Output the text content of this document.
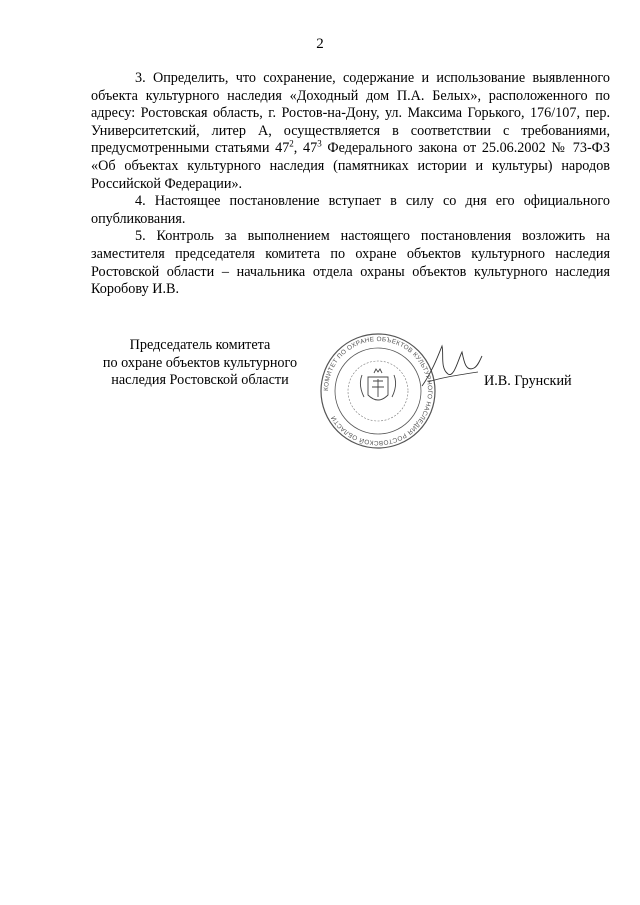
2

3. Определить, что сохранение, содержание и использование выявленного объекта культурного наследия «Доходный дом П.А. Белых», расположенного по адресу: Ростовская область, г. Ростов-на-Дону, ул. Максима Горького, 176/107, пер. Университетский, литер А, осуществляется в соответствии с требованиями, предусмотренными статьями $47^2$, $47^3$ Федерального закона от 25.06.2002 № 73-ФЗ «Об объектах культурного наследия (памятниках истории и культуры) народов Российской Федерации».

4. Настоящее постановление вступает в силу со дня его официального опубликования.

5. Контроль за выполнением настоящего постановления возложить на заместителя председателя комитета по охране объектов культурного наследия Ростовской области – начальника отдела охраны объектов культурного наследия Коробову И.В.

Председатель комитета
по охране объектов культурного
наследия Ростовской области
КОМИТЕТ ПО ОХРАНЕ ОБЪЕКТОВ КУЛЬТУРНОГО НАСЛЕДИЯ РОСТОВСКОЙ ОБЛАСТИ
И.В. Грунский
